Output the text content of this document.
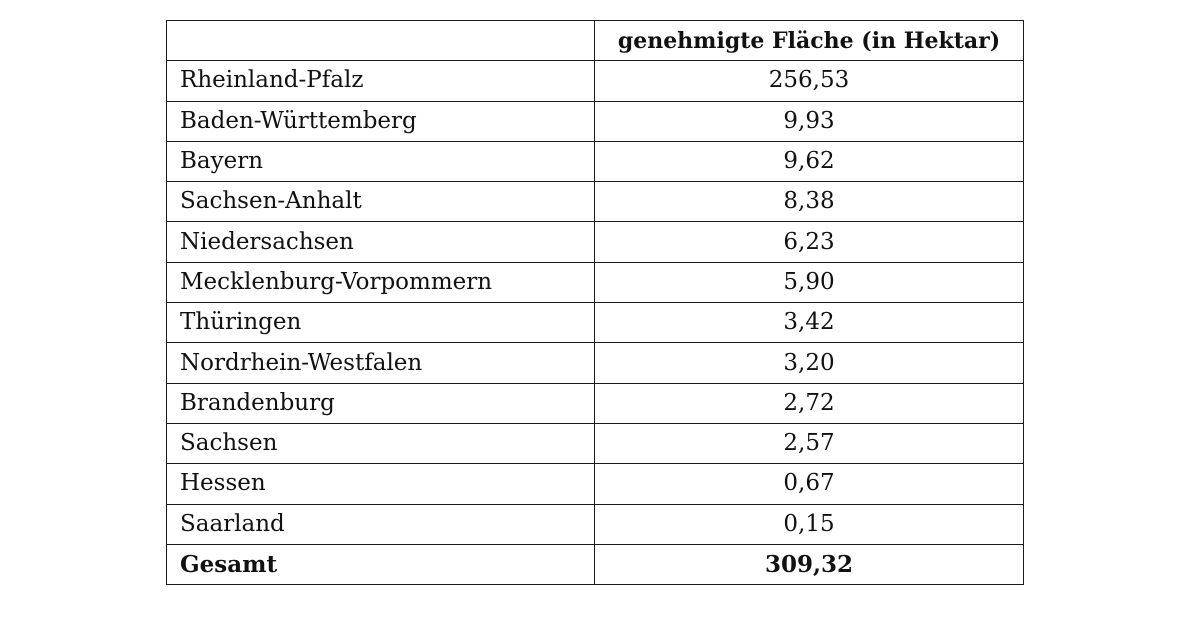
	genehmigte Fläche (in Hektar)
Rheinland-Pfalz	256,53
Baden-Württemberg	9,93
Bayern	9,62
Sachsen-Anhalt	8,38
Niedersachsen	6,23
Mecklenburg-Vorpommern	5,90
Thüringen	3,42
Nordrhein-Westfalen	3,20
Brandenburg	2,72
Sachsen	2,57
Hessen	0,67
Saarland	0,15
Gesamt	309,32
